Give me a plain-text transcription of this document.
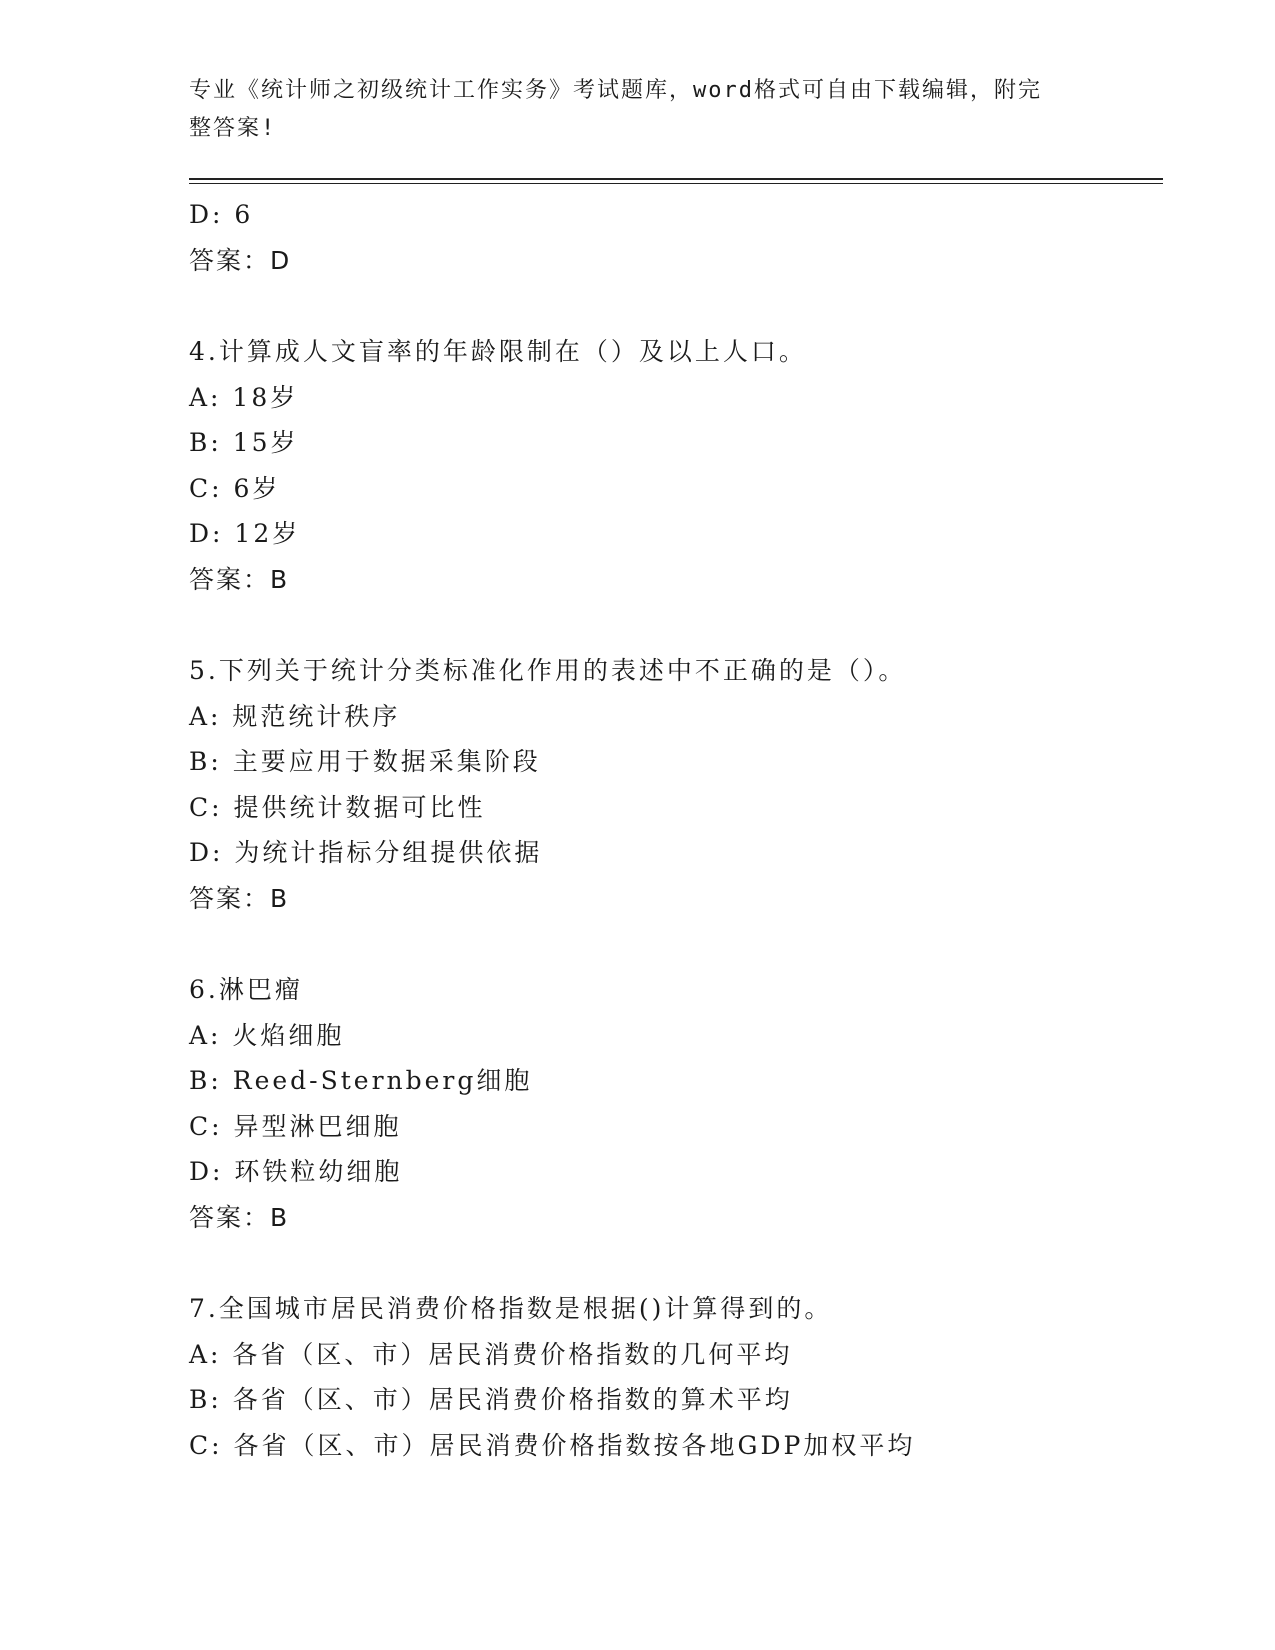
专业《统计师之初级统计工作实务》考试题库，word格式可自由下载编辑，附完
整答案!
D: 6
答案：D
4.计算成人文盲率的年龄限制在（）及以上人口。
A: 18岁
B: 15岁
C: 6岁
D: 12岁
答案：B
5.下列关于统计分类标准化作用的表述中不正确的是（）。
A: 规范统计秩序
B: 主要应用于数据采集阶段
C: 提供统计数据可比性
D: 为统计指标分组提供依据
答案：B
6.淋巴瘤
A: 火焰细胞
B: Reed-Sternberg细胞
C: 异型淋巴细胞
D: 环铁粒幼细胞
答案：B
7.全国城市居民消费价格指数是根据()计算得到的。
A: 各省（区、市）居民消费价格指数的几何平均
B: 各省（区、市）居民消费价格指数的算术平均
C: 各省（区、市）居民消费价格指数按各地GDP加权平均
